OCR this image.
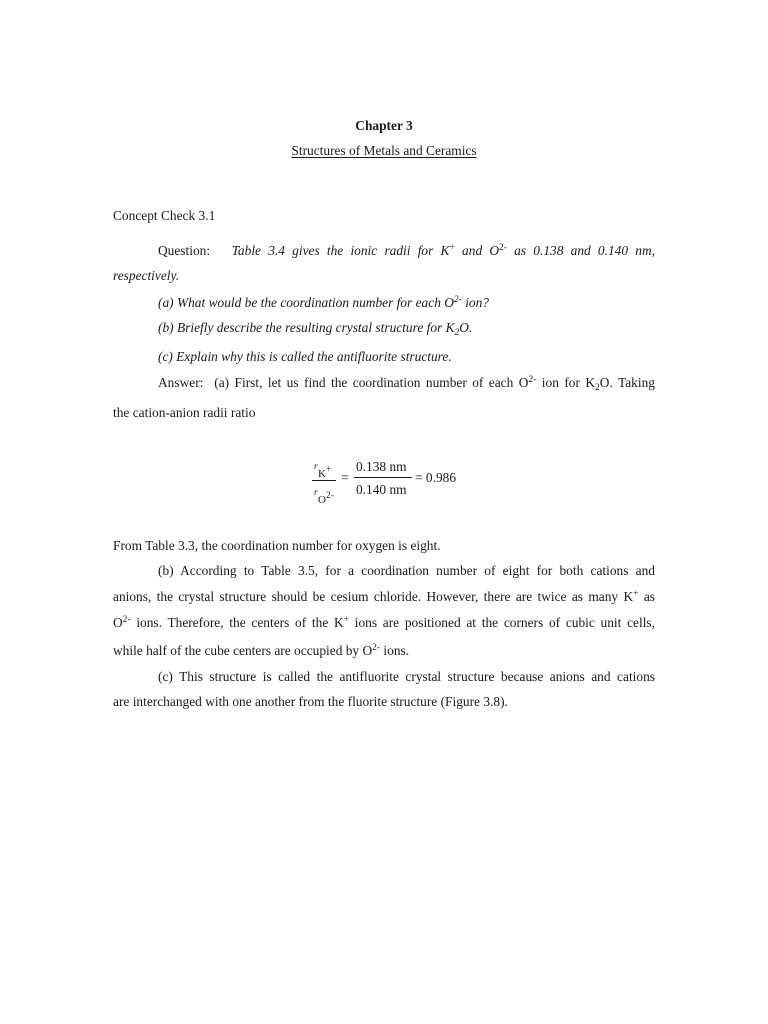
Chapter 3
Structures of Metals and Ceramics
Concept Check 3.1
Question: Table 3.4 gives the ionic radii for K+ and $O^{2-}$ as 0.138 and 0.140 nm,
respectively.
(a) What would be the coordination number for each $O^{2-}$ ion?
(b) Briefly describe the resulting crystal structure for $K_2O$.
(c) Explain why this is called the antifluorite structure.
Answer: (a) First, let us find the coordination number of each $O^{2-}$ ion for $K_2O$. Taking
the cation-anion radii ratio
r
K+
r
$O^{2-}$
=
0.138 nm
0.140 nm
= 0.986
From Table 3.3, the coordination number for oxygen is eight.
(b) According to Table 3.5, for a coordination number of eight for both cations and
anions, the crystal structure should be cesium chloride. However, there are twice as many K+ as
$O^{2-}$ ions. Therefore, the centers of the K+ ions are positioned at the corners of cubic unit cells,
while half of the cube centers are occupied by $O^{2-}$ ions.
(c) This structure is called the antifluorite crystal structure because anions and cations
are interchanged with one another from the fluorite structure (Figure 3.8).
